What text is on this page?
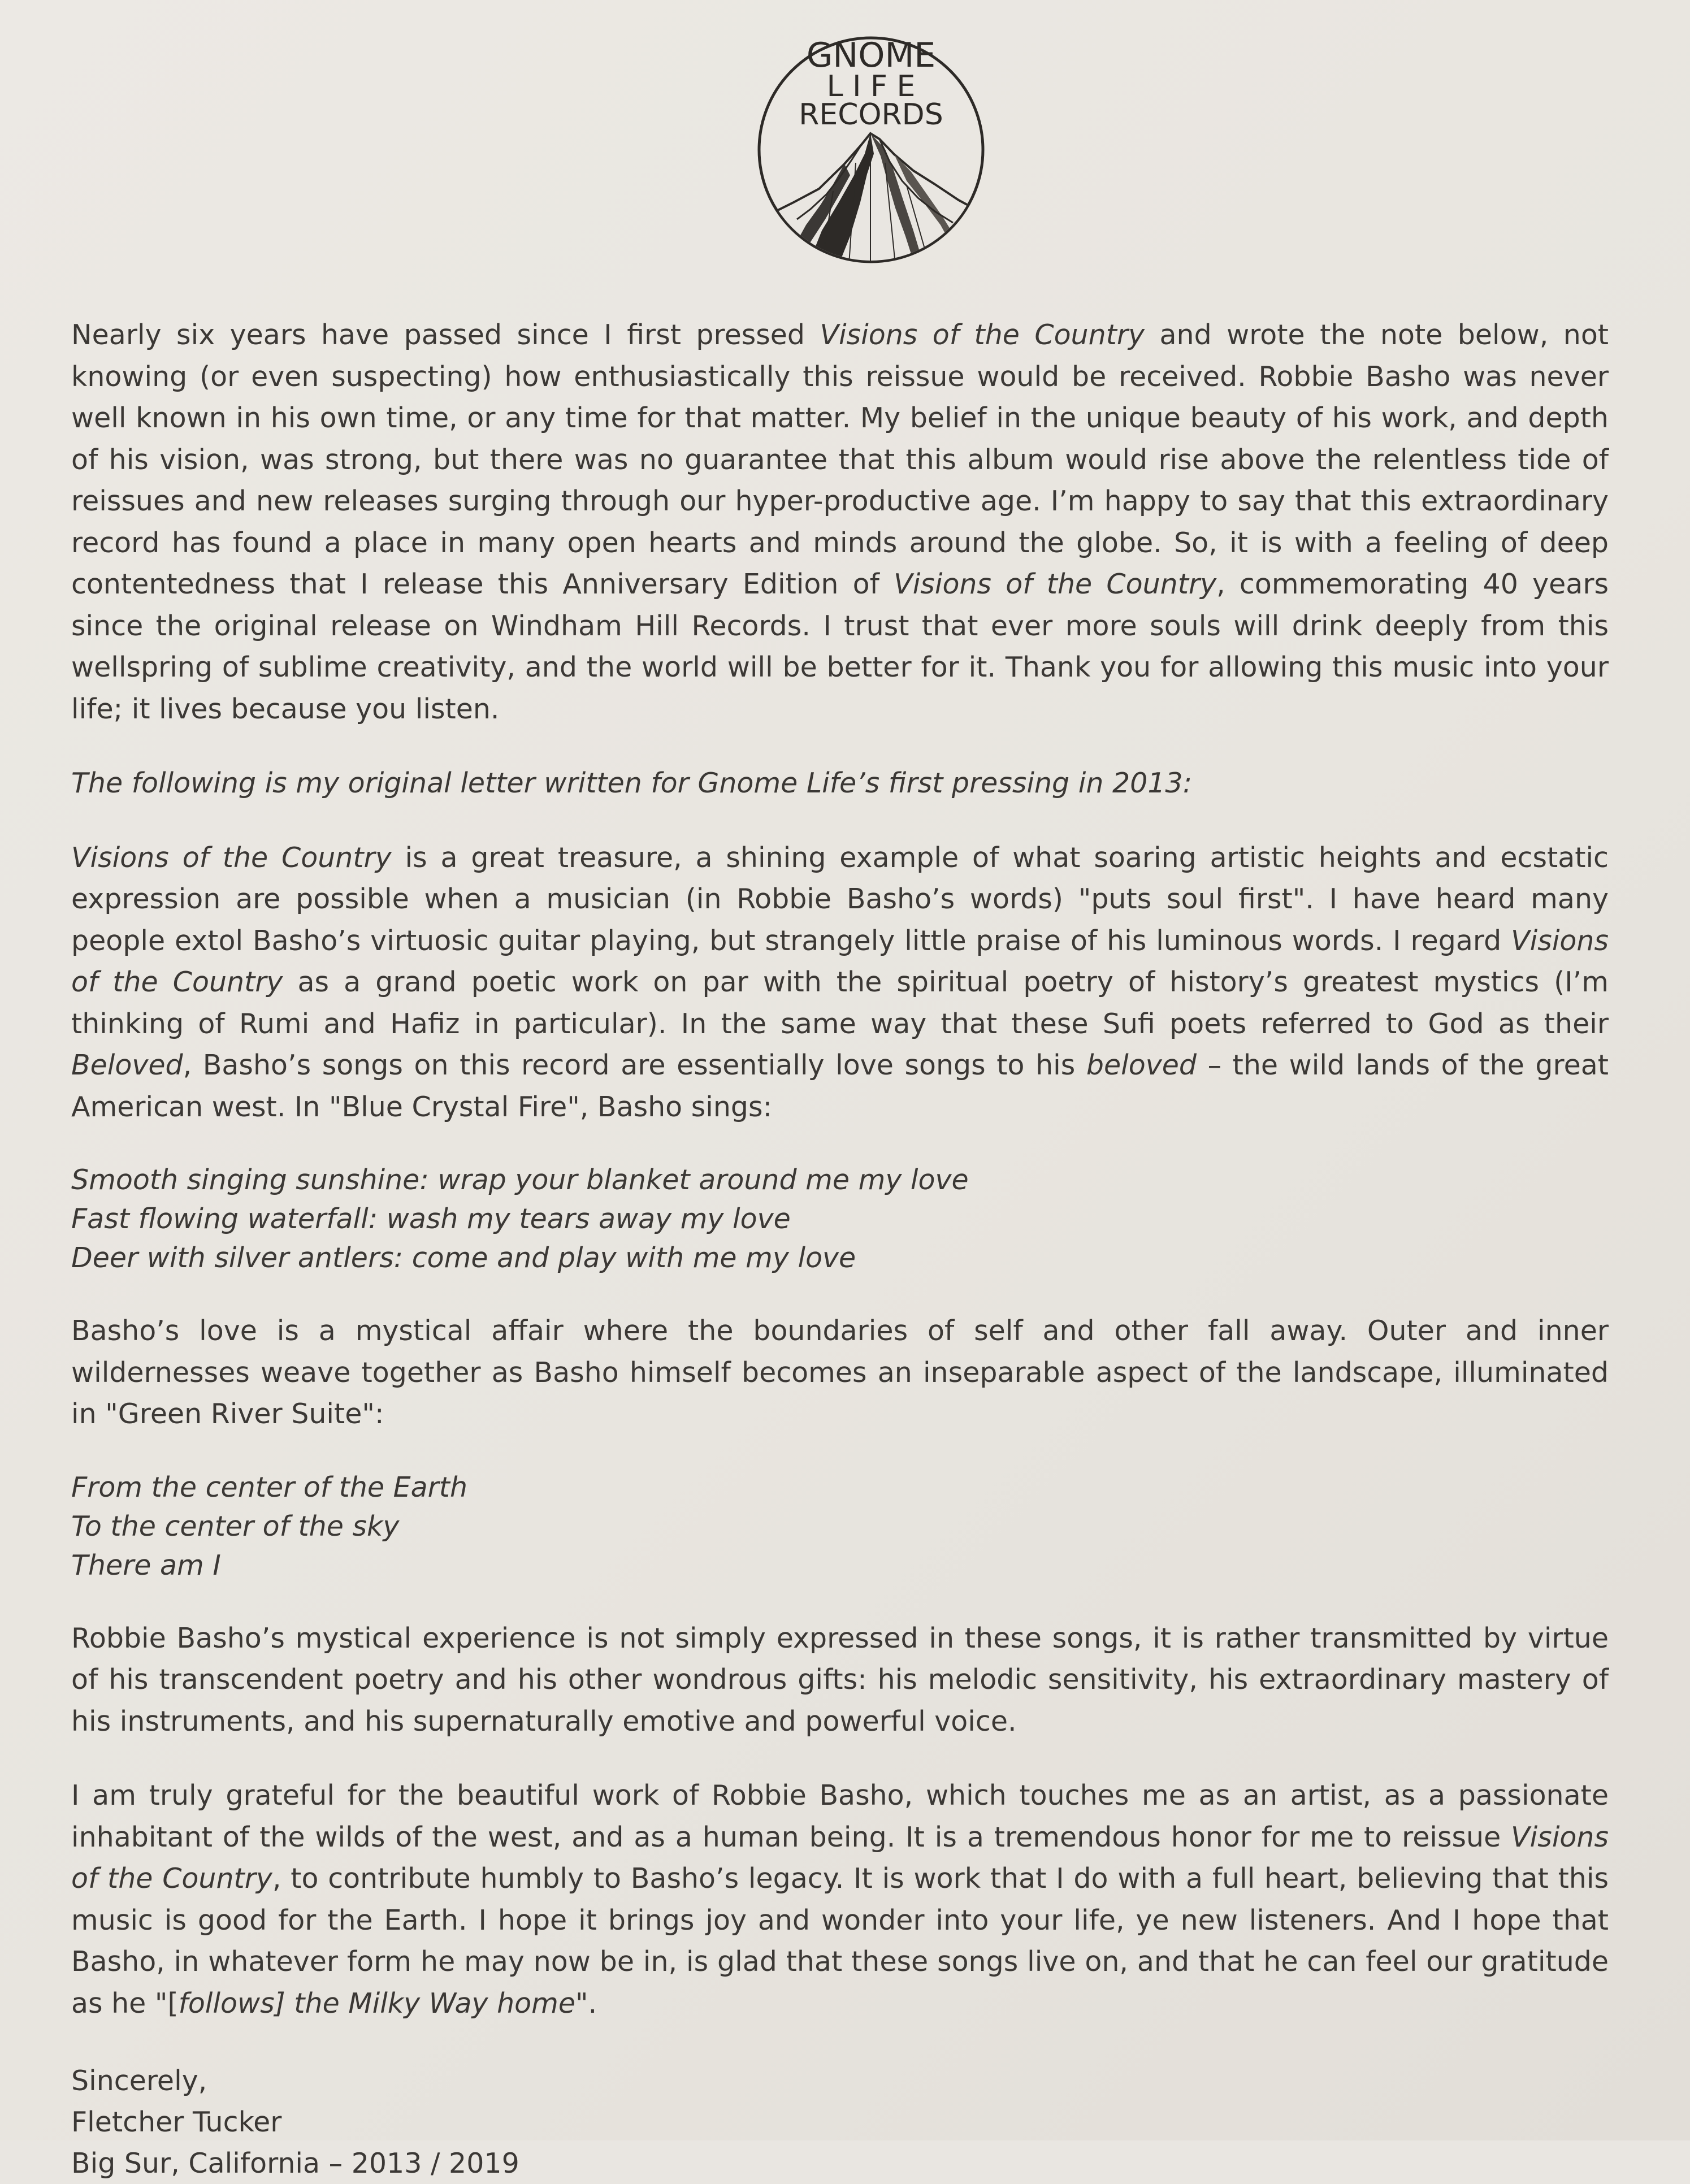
GNOME
L I F E
RECORDS

Nearly six years have passed since I first pressed Visions of the Country and wrote the note below, not knowing (or even suspecting) how enthusiastically this reissue would be received. Robbie Basho was never well known in his own time, or any time for that matter. My belief in the unique beauty of his work, and depth of his vision, was strong, but there was no guarantee that this album would rise above the relentless tide of reissues and new releases surging through our hyper-productive age. I’m happy to say that this extraordinary record has found a place in many open hearts and minds around the globe. So, it is with a feeling of deep contentedness that I release this Anniversary Edition of Visions of the Country, commemorating 40 years since the original release on Windham Hill Records. I trust that ever more souls will drink deeply from this wellspring of sublime creativity, and the world will be better for it. Thank you for allowing this music into your life; it lives because you listen.

The following is my original letter written for Gnome Life’s first pressing in 2013:

Visions of the Country is a great treasure, a shining example of what soaring artistic heights and ecstatic expression are possible when a musician (in Robbie Basho’s words) "puts soul first". I have heard many people extol Basho’s virtuosic guitar playing, but strangely little praise of his luminous words. I regard Visions of the Country as a grand poetic work on par with the spiritual poetry of history’s greatest mystics (I’m thinking of Rumi and Hafiz in particular). In the same way that these Sufi poets referred to God as their Beloved, Basho’s songs on this record are essentially love songs to his beloved – the wild lands of the great American west. In "Blue Crystal Fire", Basho sings:

Smooth singing sunshine: wrap your blanket around me my love
Fast flowing waterfall: wash my tears away my love
Deer with silver antlers: come and play with me my love

Basho’s love is a mystical affair where the boundaries of self and other fall away. Outer and inner wildernesses weave together as Basho himself becomes an inseparable aspect of the landscape, illuminated in "Green River Suite":

From the center of the Earth
To the center of the sky
There am I

Robbie Basho’s mystical experience is not simply expressed in these songs, it is rather transmitted by virtue of his transcendent poetry and his other wondrous gifts: his melodic sensitivity, his extraordinary mastery of his instruments, and his supernaturally emotive and powerful voice.

I am truly grateful for the beautiful work of Robbie Basho, which touches me as an artist, as a passionate inhabitant of the wilds of the west, and as a human being. It is a tremendous honor for me to reissue Visions of the Country, to contribute humbly to Basho’s legacy. It is work that I do with a full heart, believing that this music is good for the Earth. I hope it brings joy and wonder into your life, ye new listeners. And I hope that Basho, in whatever form he may now be in, is glad that these songs live on, and that he can feel our gratitude as he "[follows] the Milky Way home".

Sincerely,
Fletcher Tucker
Big Sur, California – 2013 / 2019
